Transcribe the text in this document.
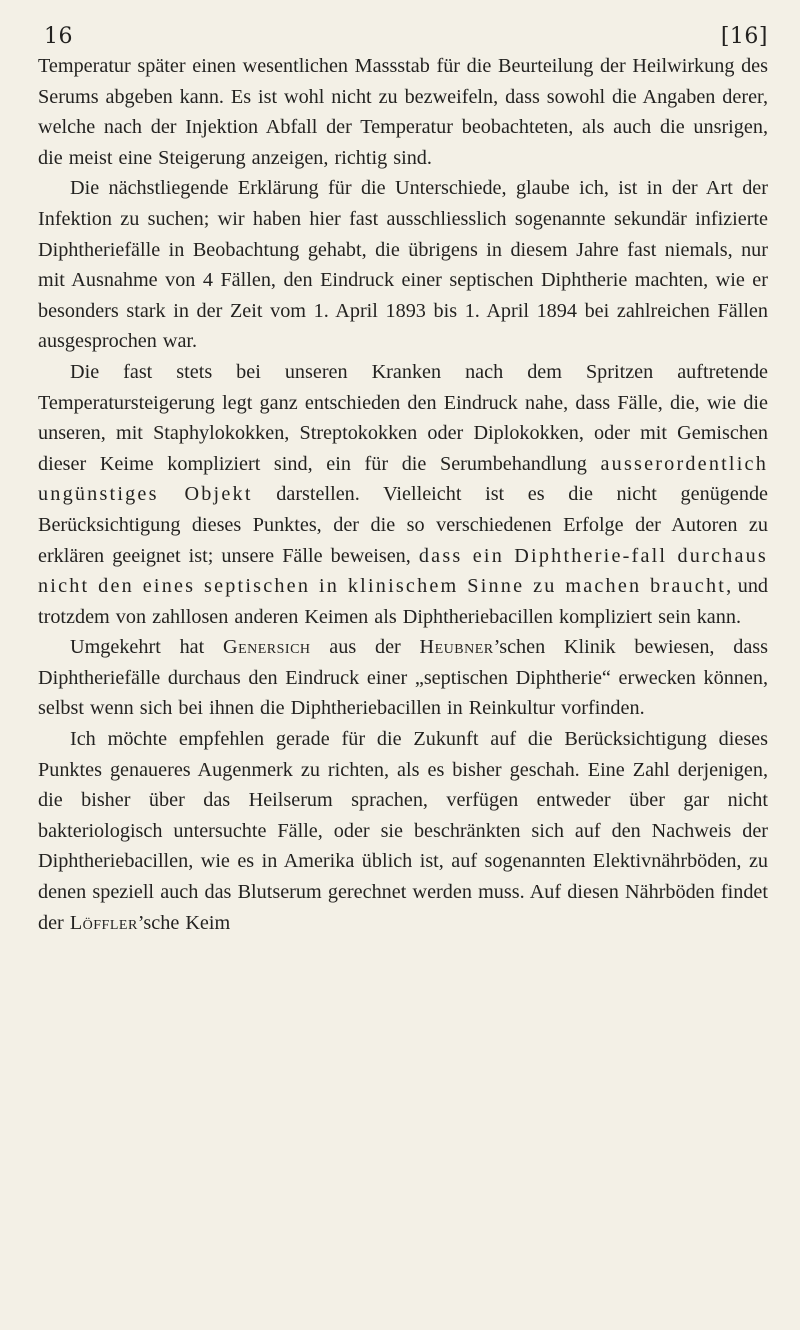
16	[16]

Temperatur später einen wesentlichen Massstab für die Beurteilung der Heilwirkung des Serums abgeben kann. Es ist wohl nicht zu bezweifeln, dass sowohl die Angaben derer, welche nach der Injektion Abfall der Temperatur beobachteten, als auch die unsrigen, die meist eine Steigerung anzeigen, richtig sind.

Die nächstliegende Erklärung für die Unterschiede, glaube ich, ist in der Art der Infektion zu suchen; wir haben hier fast ausschliesslich sogenannte sekundär infizierte Diphtheriefälle in Beobachtung gehabt, die übrigens in diesem Jahre fast niemals, nur mit Ausnahme von 4 Fällen, den Eindruck einer septischen Diphtherie machten, wie er besonders stark in der Zeit vom 1. April 1893 bis 1. April 1894 bei zahlreichen Fällen ausgesprochen war.

Die fast stets bei unseren Kranken nach dem Spritzen auftretende Temperatursteigerung legt ganz entschieden den Eindruck nahe, dass Fälle, die, wie die unseren, mit Staphylokokken, Streptokokken oder Diplokokken, oder mit Gemischen dieser Keime kompliziert sind, ein für die Serumbehandlung ausserordentlich ungünstiges Objekt darstellen. Vielleicht ist es die nicht genügende Berücksichtigung dieses Punktes, der die so verschiedenen Erfolge der Autoren zu erklären geeignet ist; unsere Fälle beweisen, dass ein Diphtherie-fall durchaus nicht den eines septischen in klinischem Sinne zu machen braucht, und trotzdem von zahllosen anderen Keimen als Diphtheriebacillen kompliziert sein kann.

Umgekehrt hat Genersich aus der Heubner’schen Klinik bewiesen, dass Diphtheriefälle durchaus den Eindruck einer „septischen Diphtherie“ erwecken können, selbst wenn sich bei ihnen die Diphtheriebacillen in Reinkultur vorfinden.

Ich möchte empfehlen gerade für die Zukunft auf die Berücksichtigung dieses Punktes genaueres Augenmerk zu richten, als es bisher geschah. Eine Zahl derjenigen, die bisher über das Heilserum sprachen, verfügen entweder über gar nicht bakteriologisch untersuchte Fälle, oder sie beschränkten sich auf den Nachweis der Diphtheriebacillen, wie es in Amerika üblich ist, auf sogenannten Elektivnährböden, zu denen speziell auch das Blutserum gerechnet werden muss. Auf diesen Nährböden findet der Löffler’sche Keim
